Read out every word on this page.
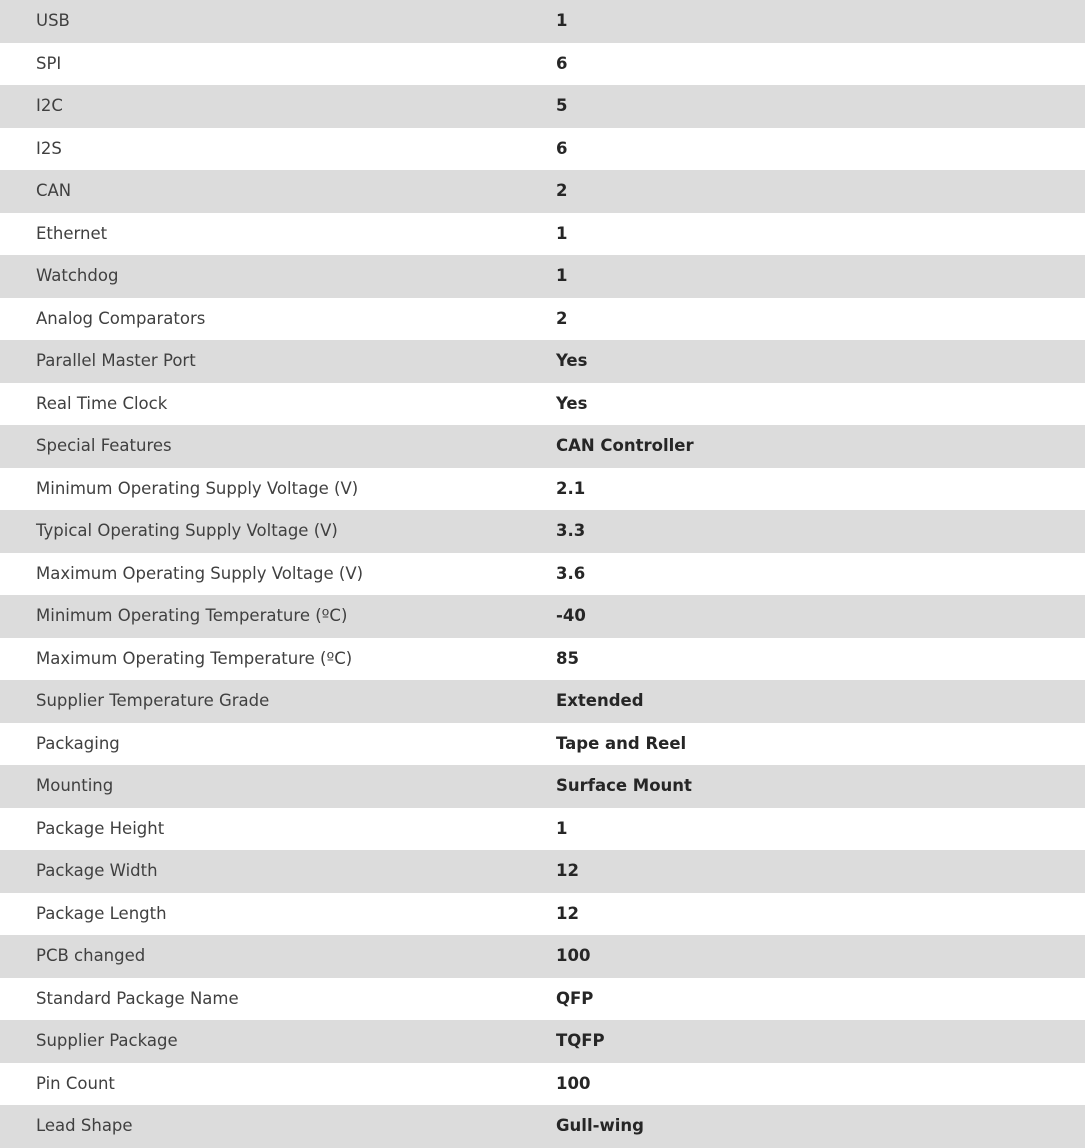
USB	1
SPI	6
I2C	5
I2S	6
CAN	2
Ethernet	1
Watchdog	1
Analog Comparators	2
Parallel Master Port	Yes
Real Time Clock	Yes
Special Features	CAN Controller
Minimum Operating Supply Voltage (V)	2.1
Typical Operating Supply Voltage (V)	3.3
Maximum Operating Supply Voltage (V)	3.6
Minimum Operating Temperature (ºC)	-40
Maximum Operating Temperature (ºC)	85
Supplier Temperature Grade	Extended
Packaging	Tape and Reel
Mounting	Surface Mount
Package Height	1
Package Width	12
Package Length	12
PCB changed	100
Standard Package Name	QFP
Supplier Package	TQFP
Pin Count	100
Lead Shape	Gull-wing
